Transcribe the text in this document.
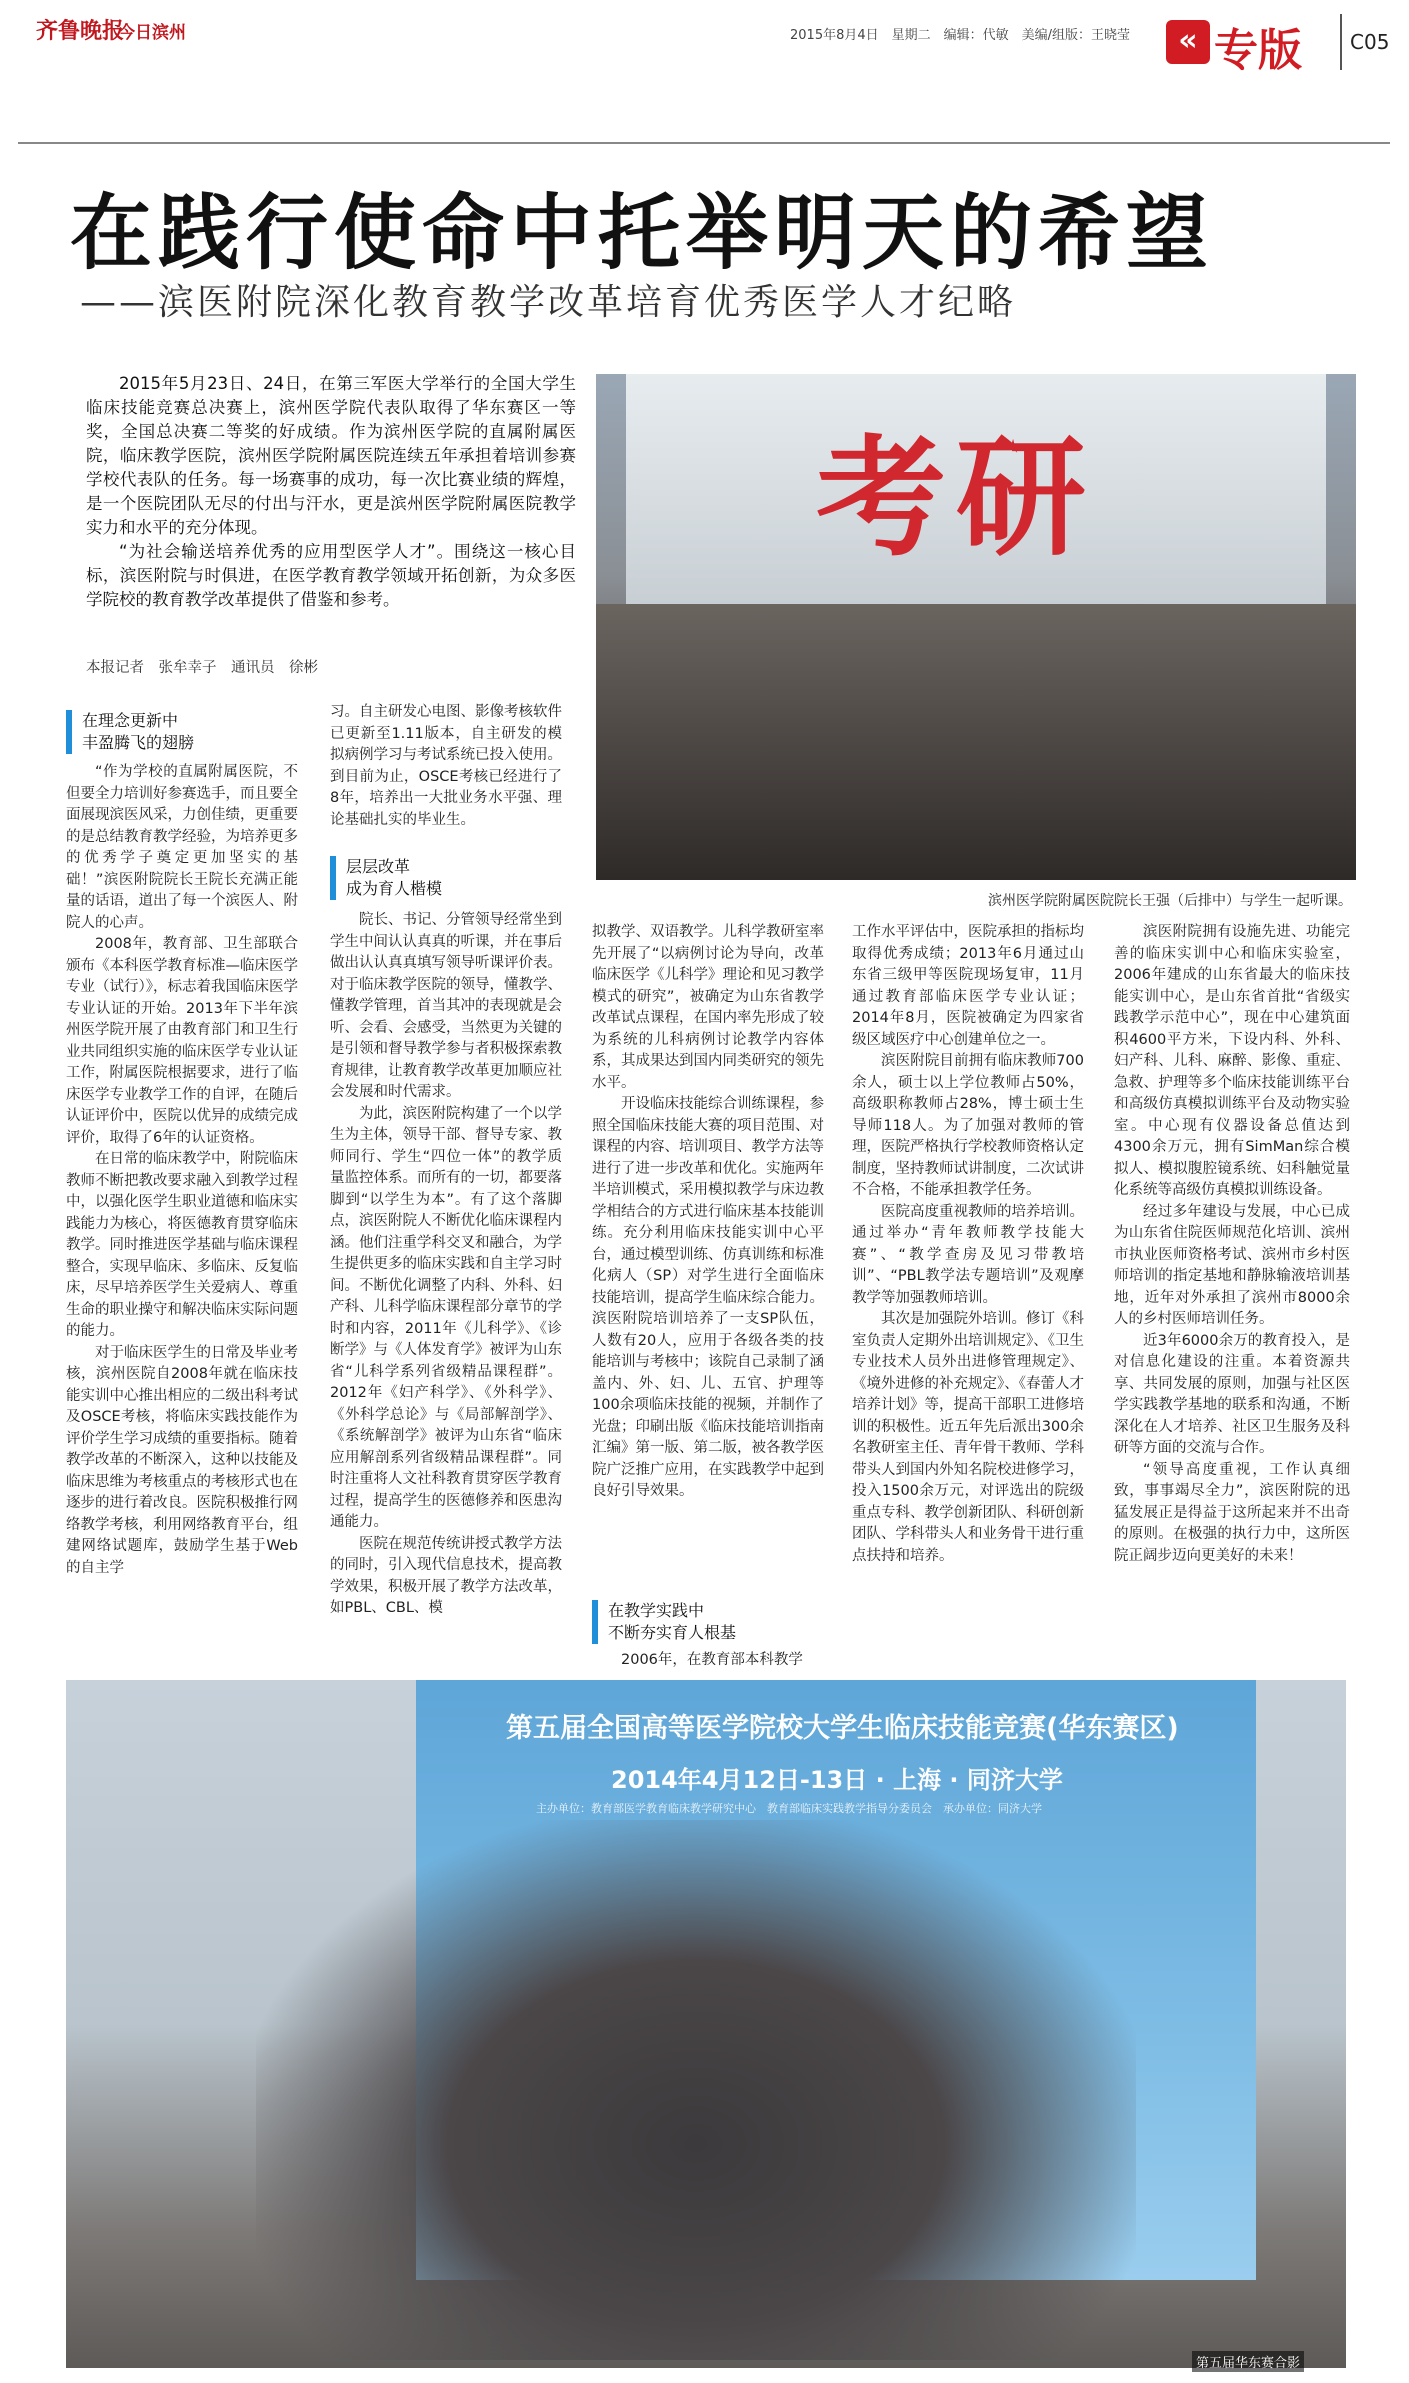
齐鲁晚报
今日滨州	2015年8月4日　星期二　编辑：代敏　美编/组版：王晓莹	« 专版 C05
在践行使命中托举明天的希望
——滨医附院深化教育教学改革培育优秀医学人才纪略

2015年5月23日、24日，在第三军医大学举行的全国大学生临床技能竞赛总决赛上，滨州医学院代表队取得了华东赛区一等奖，全国总决赛二等奖的好成绩。作为滨州医学院的直属附属医院，临床教学医院，滨州医学院附属医院连续五年承担着培训参赛学校代表队的任务。每一场赛事的成功，每一次比赛业绩的辉煌，是一个医院团队无尽的付出与汗水，更是滨州医学院附属医院教学实力和水平的充分体现。

“为社会输送培养优秀的应用型医学人才”。围绕这一核心目标，滨医附院与时俱进，在医学教育教学领域开拓创新，为众多医学院校的教育教学改革提供了借鉴和参考。

本报记者　张牟幸子　通讯员　徐彬
考研
滨州医学院附属医院院长王强（后排中）与学生一起听课。
在理念更新中
丰盈腾飞的翅膀

“作为学校的直属附属医院，不但要全力培训好参赛选手，而且要全面展现滨医风采，力创佳绩，更重要的是总结教育教学经验，为培养更多的优秀学子奠定更加坚实的基础！”滨医附院院长王院长充满正能量的话语，道出了每一个滨医人、附院人的心声。

2008年，教育部、卫生部联合颁布《本科医学教育标准—临床医学专业（试行）》，标志着我国临床医学专业认证的开始。2013年下半年滨州医学院开展了由教育部门和卫生行业共同组织实施的临床医学专业认证工作，附属医院根据要求，进行了临床医学专业教学工作的自评，在随后认证评价中，医院以优异的成绩完成评价，取得了6年的认证资格。

在日常的临床教学中，附院临床教师不断把教改要求融入到教学过程中，以强化医学生职业道德和临床实践能力为核心，将医德教育贯穿临床教学。同时推进医学基础与临床课程整合，实现早临床、多临床、反复临床，尽早培养医学生关爱病人、尊重生命的职业操守和解决临床实际问题的能力。

对于临床医学生的日常及毕业考核，滨州医院自2008年就在临床技能实训中心推出相应的二级出科考试及OSCE考核，将临床实践技能作为评价学生学习成绩的重要指标。随着教学改革的不断深入，这种以技能及临床思维为考核重点的考核形式也在逐步的进行着改良。医院积极推行网络教学考核，利用网络教育平台，组建网络试题库，鼓励学生基于Web的自主学

习。自主研发心电图、影像考核软件已更新至1.11版本，自主研发的模拟病例学习与考试系统已投入使用。到目前为止，OSCE考核已经进行了8年，培养出一大批业务水平强、理论基础扎实的毕业生。

层层改革
成为育人楷模

院长、书记、分管领导经常坐到学生中间认认真真的听课，并在事后做出认认真真填写领导听课评价表。对于临床教学医院的领导，懂教学、懂教学管理，首当其冲的表现就是会听、会看、会感受，当然更为关键的是引领和督导教学参与者积极探索教育规律，让教育教学改革更加顺应社会发展和时代需求。

为此，滨医附院构建了一个以学生为主体，领导干部、督导专家、教师同行、学生“四位一体”的教学质量监控体系。而所有的一切，都要落脚到“以学生为本”。有了这个落脚点，滨医附院人不断优化临床课程内涵。他们注重学科交叉和融合，为学生提供更多的临床实践和自主学习时间。不断优化调整了内科、外科、妇产科、儿科学临床课程部分章节的学时和内容，2011年《儿科学》、《诊断学》与《人体发育学》被评为山东省“儿科学系列省级精品课程群”。2012年《妇产科学》、《外科学》、《外科学总论》与《局部解剖学》、《系统解剖学》被评为山东省“临床应用解剖系列省级精品课程群”。同时注重将人文社科教育贯穿医学教育过程，提高学生的医德修养和医患沟通能力。

医院在规范传统讲授式教学方法的同时，引入现代信息技术，提高教学效果，积极开展了教学方法改革，如PBL、CBL、模

拟教学、双语教学。儿科学教研室率先开展了“以病例讨论为导向，改革临床医学《儿科学》理论和见习教学模式的研究”，被确定为山东省教学改革试点课程，在国内率先形成了较为系统的儿科病例讨论教学内容体系，其成果达到国内同类研究的领先水平。

开设临床技能综合训练课程，参照全国临床技能大赛的项目范围、对课程的内容、培训项目、教学方法等进行了进一步改革和优化。实施两年半培训模式，采用模拟教学与床边教学相结合的方式进行临床基本技能训练。充分利用临床技能实训中心平台，通过模型训练、仿真训练和标准化病人（SP）对学生进行全面临床技能培训，提高学生临床综合能力。滨医附院培训培养了一支SP队伍，人数有20人，应用于各级各类的技能培训与考核中；该院自己录制了涵盖内、外、妇、儿、五官、护理等100余项临床技能的视频，并制作了光盘；印刷出版《临床技能培训指南汇编》第一版、第二版，被各教学医院广泛推广应用，在实践教学中起到良好引导效果。

在教学实践中
不断夯实育人根基

2006年，在教育部本科教学

工作水平评估中，医院承担的指标均取得优秀成绩；2013年6月通过山东省三级甲等医院现场复审，11月通过教育部临床医学专业认证；2014年8月，医院被确定为四家省级区域医疗中心创建单位之一。

滨医附院目前拥有临床教师700余人，硕士以上学位教师占50%，高级职称教师占28%，博士硕士生导师118人。为了加强对教师的管理，医院严格执行学校教师资格认定制度，坚持教师试讲制度，二次试讲不合格，不能承担教学任务。

医院高度重视教师的培养培训。通过举办“青年教师教学技能大赛”、“教学查房及见习带教培训”、“PBL教学法专题培训”及观摩教学等加强教师培训。

其次是加强院外培训。修订《科室负责人定期外出培训规定》、《卫生专业技术人员外出进修管理规定》、《境外进修的补充规定》、《春蕾人才培养计划》等，提高干部职工进修培训的积极性。近五年先后派出300余名教研室主任、青年骨干教师、学科带头人到国内外知名院校进修学习，投入1500余万元，对评选出的院级重点专科、教学创新团队、科研创新团队、学科带头人和业务骨干进行重点扶持和培养。

滨医附院拥有设施先进、功能完善的临床实训中心和临床实验室，2006年建成的山东省最大的临床技能实训中心，是山东省首批“省级实践教学示范中心”，现在中心建筑面积4600平方米，下设内科、外科、妇产科、儿科、麻醉、影像、重症、急救、护理等多个临床技能训练平台和高级仿真模拟训练平台及动物实验室。中心现有仪器设备总值达到4300余万元，拥有SimMan综合模拟人、模拟腹腔镜系统、妇科触觉量化系统等高级仿真模拟训练设备。

经过多年建设与发展，中心已成为山东省住院医师规范化培训、滨州市执业医师资格考试、滨州市乡村医师培训的指定基地和静脉输液培训基地，近年对外承担了滨州市8000余人的乡村医师培训任务。

近3年6000余万的教育投入，是对信息化建设的注重。本着资源共享、共同发展的原则，加强与社区医学实践教学基地的联系和沟通，不断深化在人才培养、社区卫生服务及科研等方面的交流与合作。

“领导高度重视，工作认真细致，事事竭尽全力”，滨医附院的迅猛发展正是得益于这所起来并不出奇的原则。在极强的执行力中，这所医院正阔步迈向更美好的未来！

第五届全国高等医学院校大学生临床技能竞赛(华东赛区)
2014年4月12日-13日 · 上海 · 同济大学
主办单位：教育部医学教育临床教学研究中心　教育部临床实践教学指导分委员会　承办单位：同济大学
第五届华东赛合影
